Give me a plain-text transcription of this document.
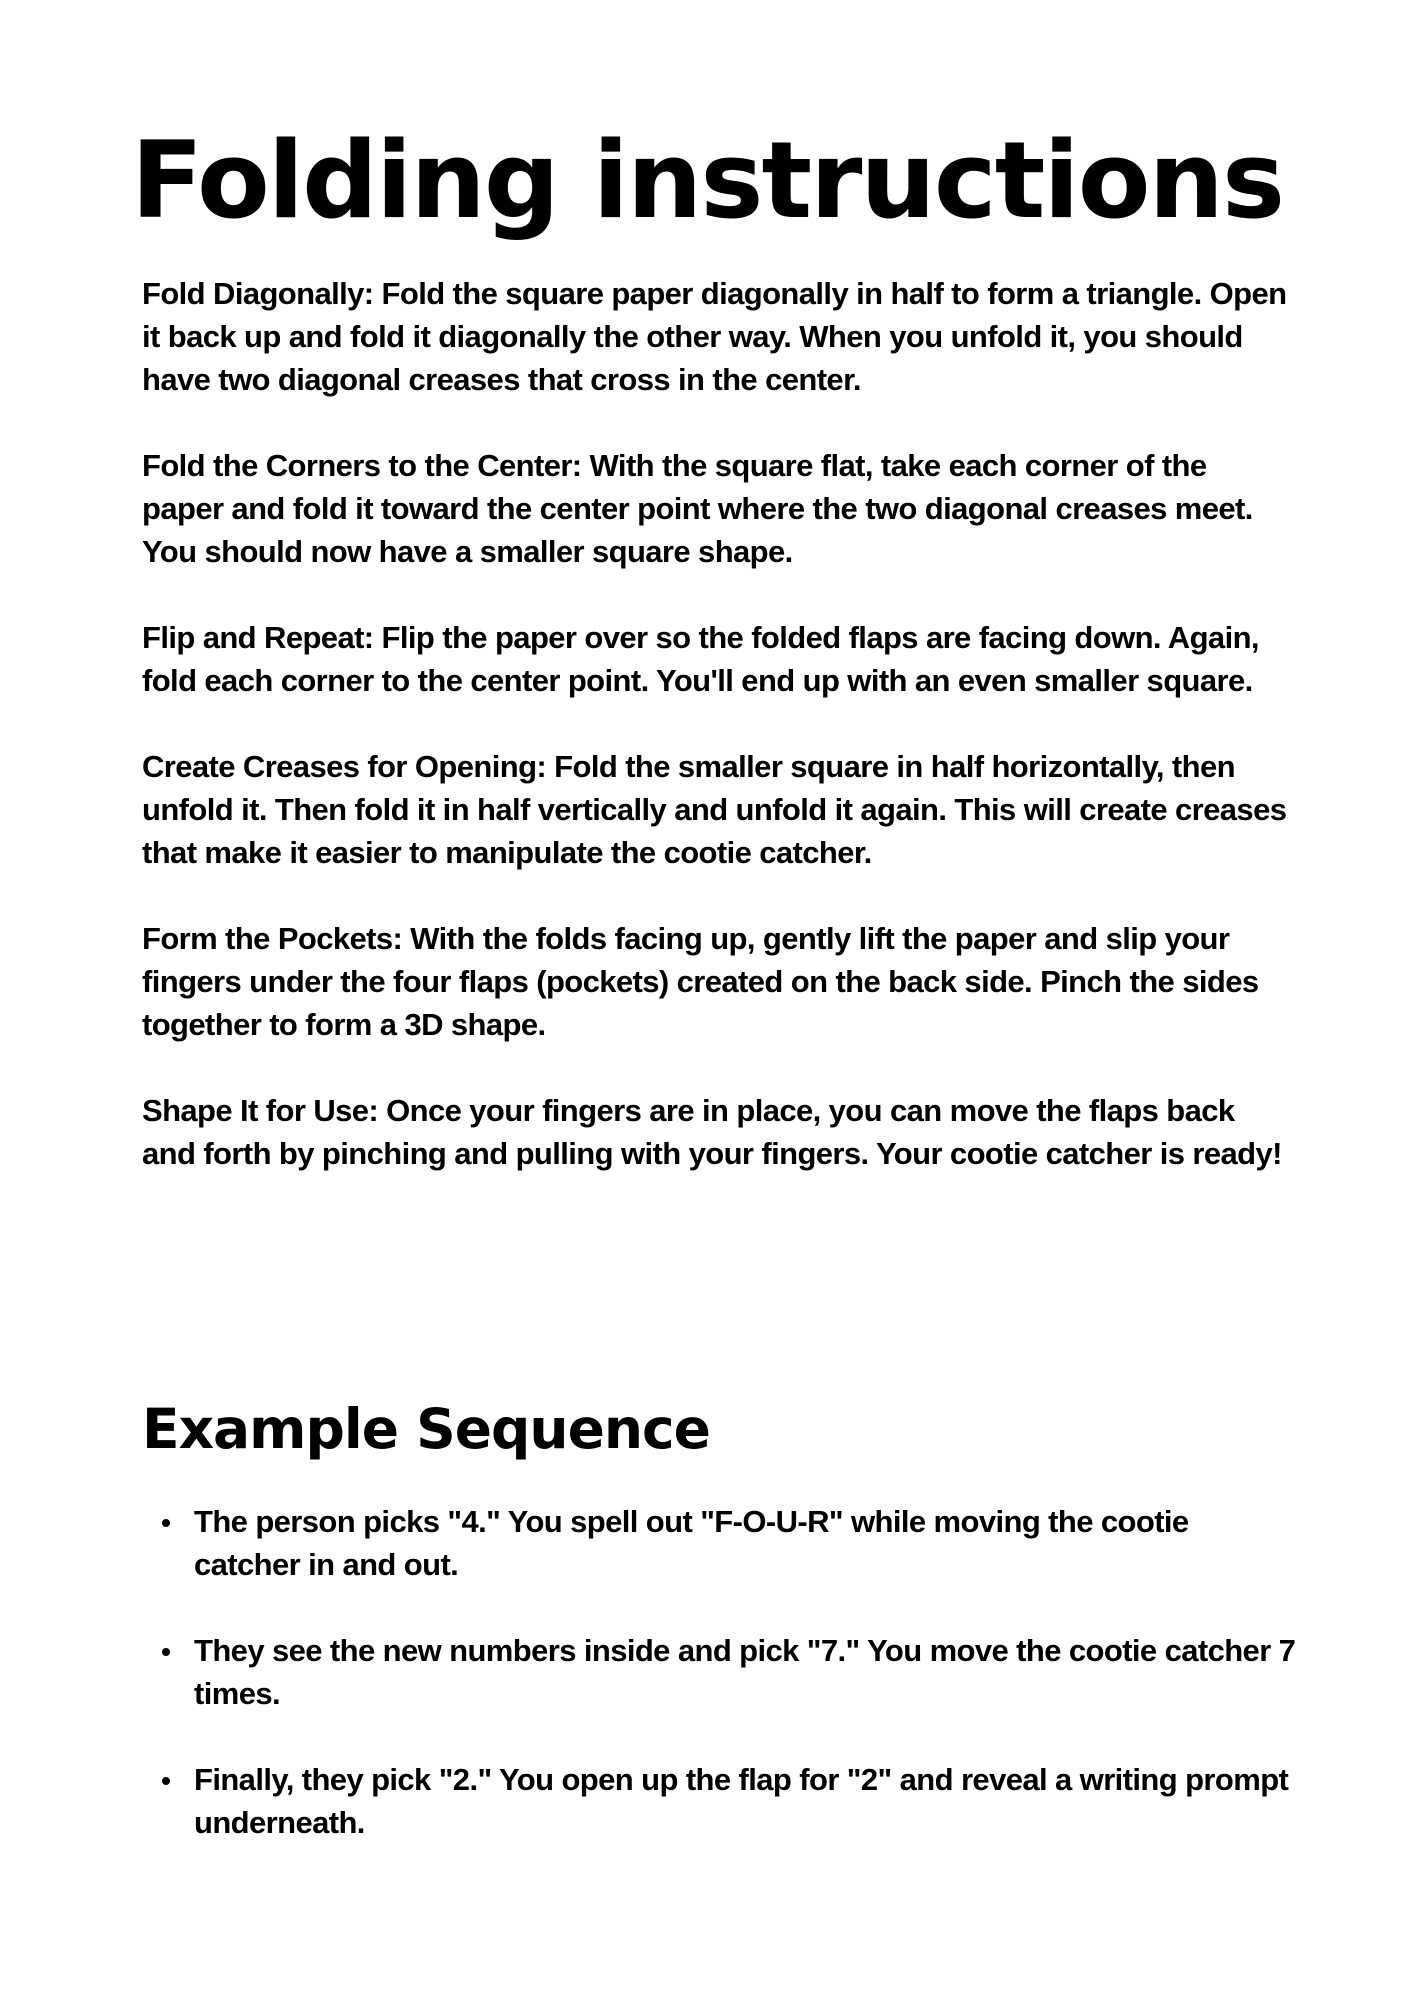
Folding instructions

Fold Diagonally: Fold the square paper diagonally in half to form a triangle. Open it back up and fold it diagonally the other way. When you unfold it, you should have two diagonal creases that cross in the center.

Fold the Corners to the Center: With the square flat, take each corner of the paper and fold it toward the center point where the two diagonal creases meet. You should now have a smaller square shape.

Flip and Repeat: Flip the paper over so the folded flaps are facing down. Again, fold each corner to the center point. You'll end up with an even smaller square.

Create Creases for Opening: Fold the smaller square in half horizontally, then unfold it. Then fold it in half vertically and unfold it again. This will create creases that make it easier to manipulate the cootie catcher.

Form the Pockets: With the folds facing up, gently lift the paper and slip your fingers under the four flaps (pockets) created on the back side. Pinch the sides together to form a 3D shape.

Shape It for Use: Once your fingers are in place, you can move the flaps back and forth by pinching and pulling with your fingers. Your cootie catcher is ready!

Example Sequence
The person picks "4." You spell out "F-O-U-R" while moving the cootie catcher in and out.
They see the new numbers inside and pick "7." You move the cootie catcher 7 times.
Finally, they pick "2." You open up the flap for "2" and reveal a writing prompt underneath.
